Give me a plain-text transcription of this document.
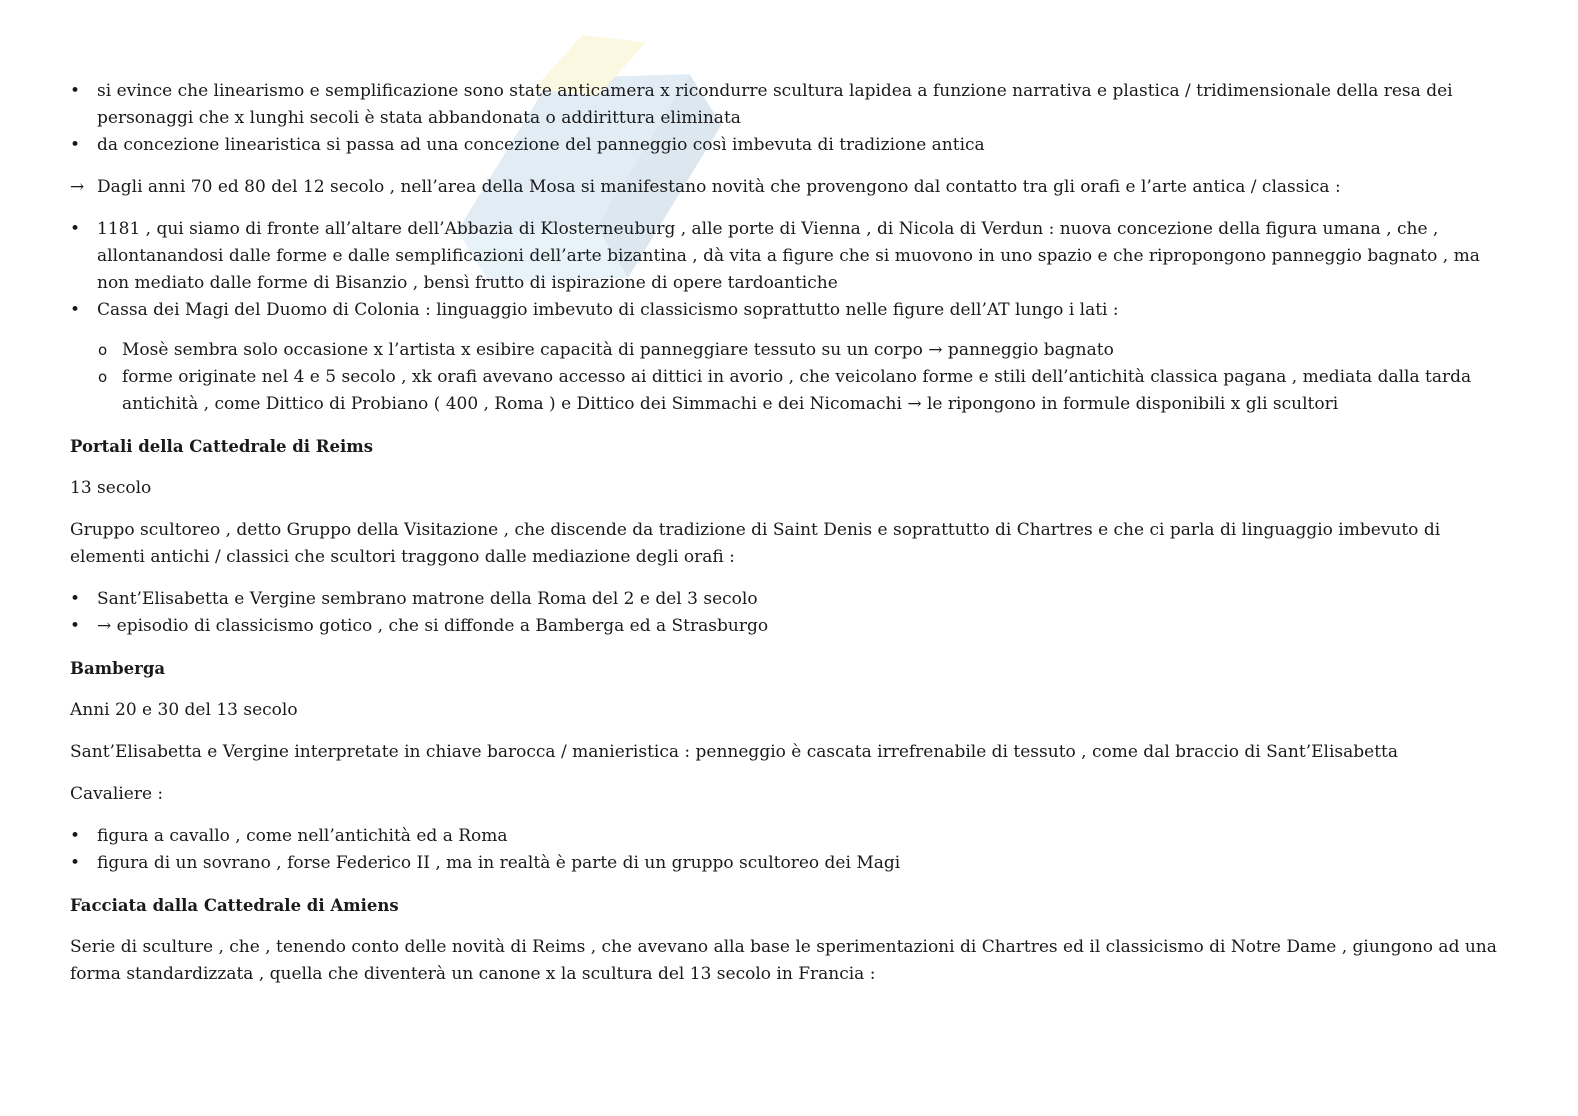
• si evince che linearismo e semplificazione sono state anticamera x ricondurre scultura lapidea a funzione narrativa e plastica / tridimensionale della resa dei personaggi che x lunghi secoli è stata abbandonata o addirittura eliminata
• da concezione linearistica si passa ad una concezione del panneggio così imbevuta di tradizione antica

→ Dagli anni 70 ed 80 del 12 secolo , nell’area della Mosa si manifestano novità che provengono dal contatto tra gli orafi e l’arte antica / classica :

• 1181 , qui siamo di fronte all’altare dell’Abbazia di Klosterneuburg , alle porte di Vienna , di Nicola di Verdun : nuova concezione della figura umana , che , allontanandosi dalle forme e dalle semplificazioni dell’arte bizantina , dà vita a figure che si muovono in uno spazio e che ripropongono panneggio bagnato , ma non mediato dalle forme di Bisanzio , bensì frutto di ispirazione di opere tardoantiche
• Cassa dei Magi del Duomo di Colonia : linguaggio imbevuto di classicismo soprattutto nelle figure dell’AT lungo i lati :
o Mosè sembra solo occasione x l’artista x esibire capacità di panneggiare tessuto su un corpo → panneggio bagnato
o forme originate nel 4 e 5 secolo , xk orafi avevano accesso ai dittici in avorio , che veicolano forme e stili dell’antichità classica pagana , mediata dalla tarda antichità , come Dittico di Probiano ( 400 , Roma ) e Dittico dei Simmachi e dei Nicomachi → le ripongono in formule disponibili x gli scultori

Portali della Cattedrale di Reims

13 secolo

Gruppo scultoreo , detto Gruppo della Visitazione , che discende da tradizione di Saint Denis e soprattutto di Chartres e che ci parla di linguaggio imbevuto di elementi antichi / classici che scultori traggono dalle mediazione degli orafi :

• Sant’Elisabetta e Vergine sembrano matrone della Roma del 2 e del 3 secolo
• → episodio di classicismo gotico , che si diffonde a Bamberga ed a Strasburgo

Bamberga

Anni 20 e 30 del 13 secolo

Sant’Elisabetta e Vergine interpretate in chiave barocca / manieristica : penneggio è cascata irrefrenabile di tessuto , come dal braccio di Sant’Elisabetta

Cavaliere :

• figura a cavallo , come nell’antichità ed a Roma
• figura di un sovrano , forse Federico II , ma in realtà è parte di un gruppo scultoreo dei Magi

Facciata dalla Cattedrale di Amiens

Serie di sculture , che , tenendo conto delle novità di Reims , che avevano alla base le sperimentazioni di Chartres ed il classicismo di Notre Dame , giungono ad una forma standardizzata , quella che diventerà un canone x la scultura del 13 secolo in Francia :
